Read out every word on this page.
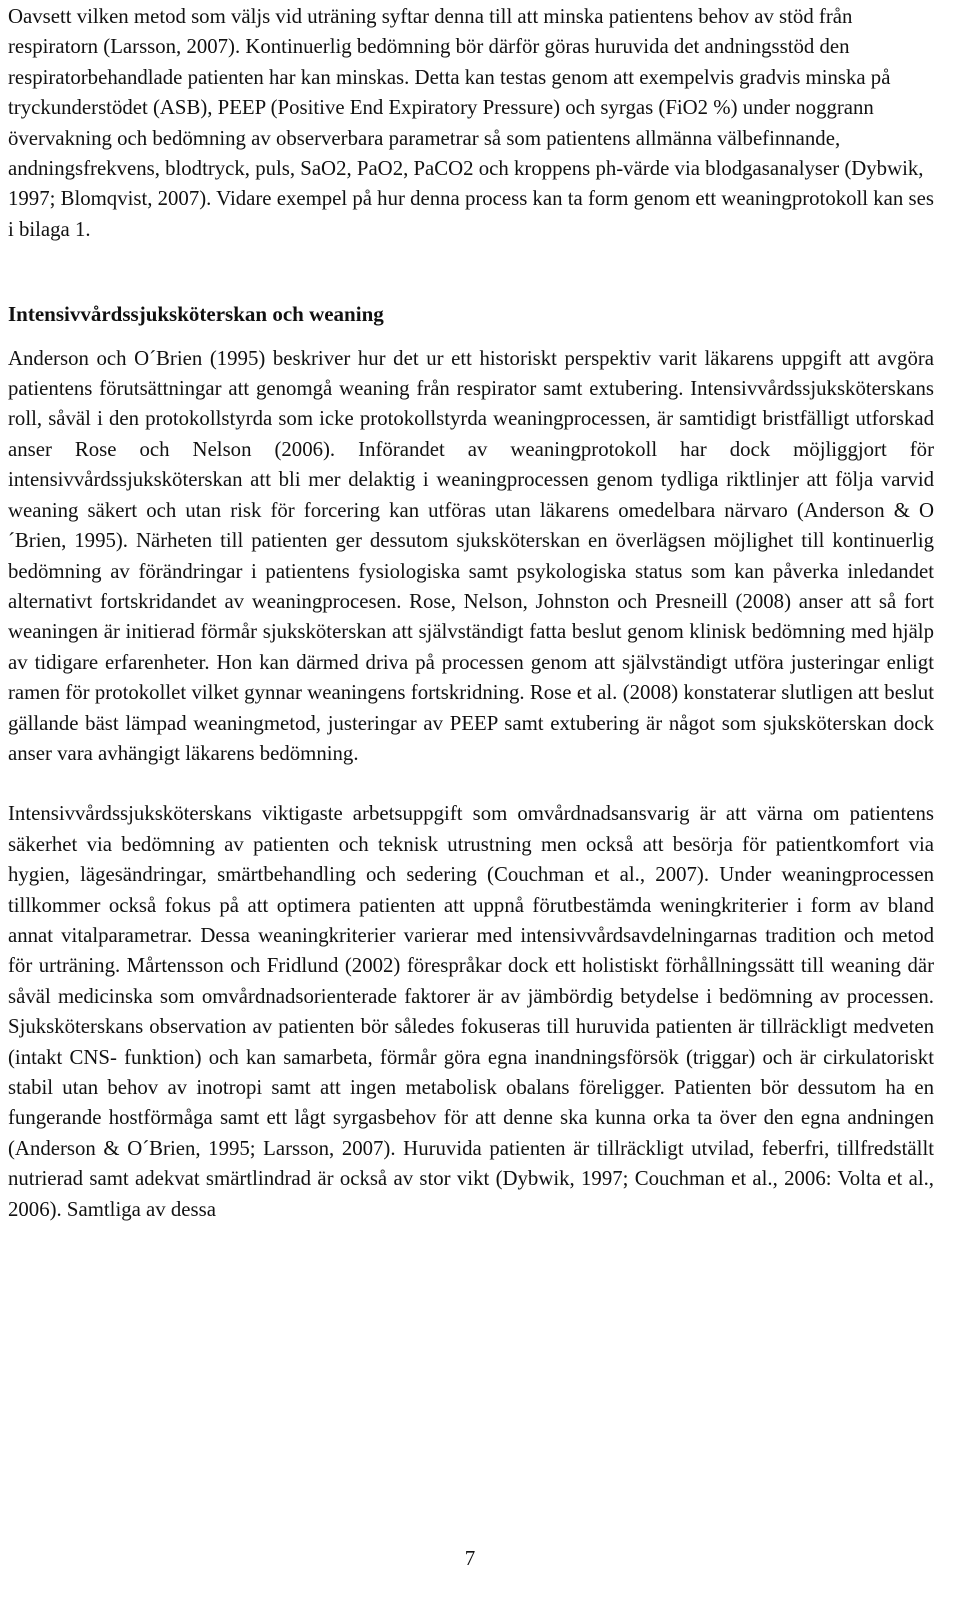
Oavsett vilken metod som väljs vid uträning syftar denna till att minska patientens behov av stöd från respiratorn (Larsson, 2007). Kontinuerlig bedömning bör därför göras huruvida det andningsstöd den respiratorbehandlade patienten har kan minskas. Detta kan testas genom att exempelvis gradvis minska på tryckunderstödet (ASB), PEEP (Positive End Expiratory Pressure) och syrgas (FiO2 %) under noggrann övervakning och bedömning av observerbara parametrar så som patientens allmänna välbefinnande, andningsfrekvens, blodtryck, puls, SaO2, PaO2, PaCO2 och kroppens ph-värde via blodgasanalyser (Dybwik, 1997; Blomqvist, 2007). Vidare exempel på hur denna process kan ta form genom ett weaningprotokoll kan ses i bilaga 1.

Intensivvårdssjuksköterskan och weaning

Anderson och O´Brien (1995) beskriver hur det ur ett historiskt perspektiv varit läkarens uppgift att avgöra patientens förutsättningar att genomgå weaning från respirator samt extubering. Intensivvårdssjuksköterskans roll, såväl i den protokollstyrda som icke protokollstyrda weaningprocessen, är samtidigt bristfälligt utforskad anser Rose och Nelson (2006). Införandet av weaningprotokoll har dock möjliggjort för intensivvårdssjuksköterskan att bli mer delaktig i weaningprocessen genom tydliga riktlinjer att följa varvid weaning säkert och utan risk för forcering kan utföras utan läkarens omedelbara närvaro (Anderson & O´Brien, 1995). Närheten till patienten ger dessutom sjuksköterskan en överlägsen möjlighet till kontinuerlig bedömning av förändringar i patientens fysiologiska samt psykologiska status som kan påverka inledandet alternativt fortskridandet av weaningprocesen. Rose, Nelson, Johnston och Presneill (2008) anser att så fort weaningen är initierad förmår sjuksköterskan att självständigt fatta beslut genom klinisk bedömning med hjälp av tidigare erfarenheter. Hon kan därmed driva på processen genom att självständigt utföra justeringar enligt ramen för protokollet vilket gynnar weaningens fortskridning. Rose et al. (2008) konstaterar slutligen att beslut gällande bäst lämpad weaningmetod, justeringar av PEEP samt extubering är något som sjuksköterskan dock anser vara avhängigt läkarens bedömning.

Intensivvårdssjuksköterskans viktigaste arbetsuppgift som omvårdnadsansvarig är att värna om patientens säkerhet via bedömning av patienten och teknisk utrustning men också att besörja för patientkomfort via hygien, lägesändringar, smärtbehandling och sedering (Couchman et al., 2007). Under weaningprocessen tillkommer också fokus på att optimera patienten att uppnå förutbestämda weningkriterier i form av bland annat vitalparametrar. Dessa weaningkriterier varierar med intensivvårdsavdelningarnas tradition och metod för urträning. Mårtensson och Fridlund (2002) förespråkar dock ett holistiskt förhållningssätt till weaning där såväl medicinska som omvårdnadsorienterade faktorer är av jämbördig betydelse i bedömning av processen. Sjuksköterskans observation av patienten bör således fokuseras till huruvida patienten är tillräckligt medveten (intakt CNS- funktion) och kan samarbeta, förmår göra egna inandningsförsök (triggar) och är cirkulatoriskt stabil utan behov av inotropi samt att ingen metabolisk obalans föreligger. Patienten bör dessutom ha en fungerande hostförmåga samt ett lågt syrgasbehov för att denne ska kunna orka ta över den egna andningen (Anderson & O´Brien, 1995; Larsson, 2007). Huruvida patienten är tillräckligt utvilad, feberfri, tillfredställt nutrierad samt adekvat smärtlindrad är också av stor vikt (Dybwik, 1997; Couchman et al., 2006: Volta et al., 2006). Samtliga av dessa

7
